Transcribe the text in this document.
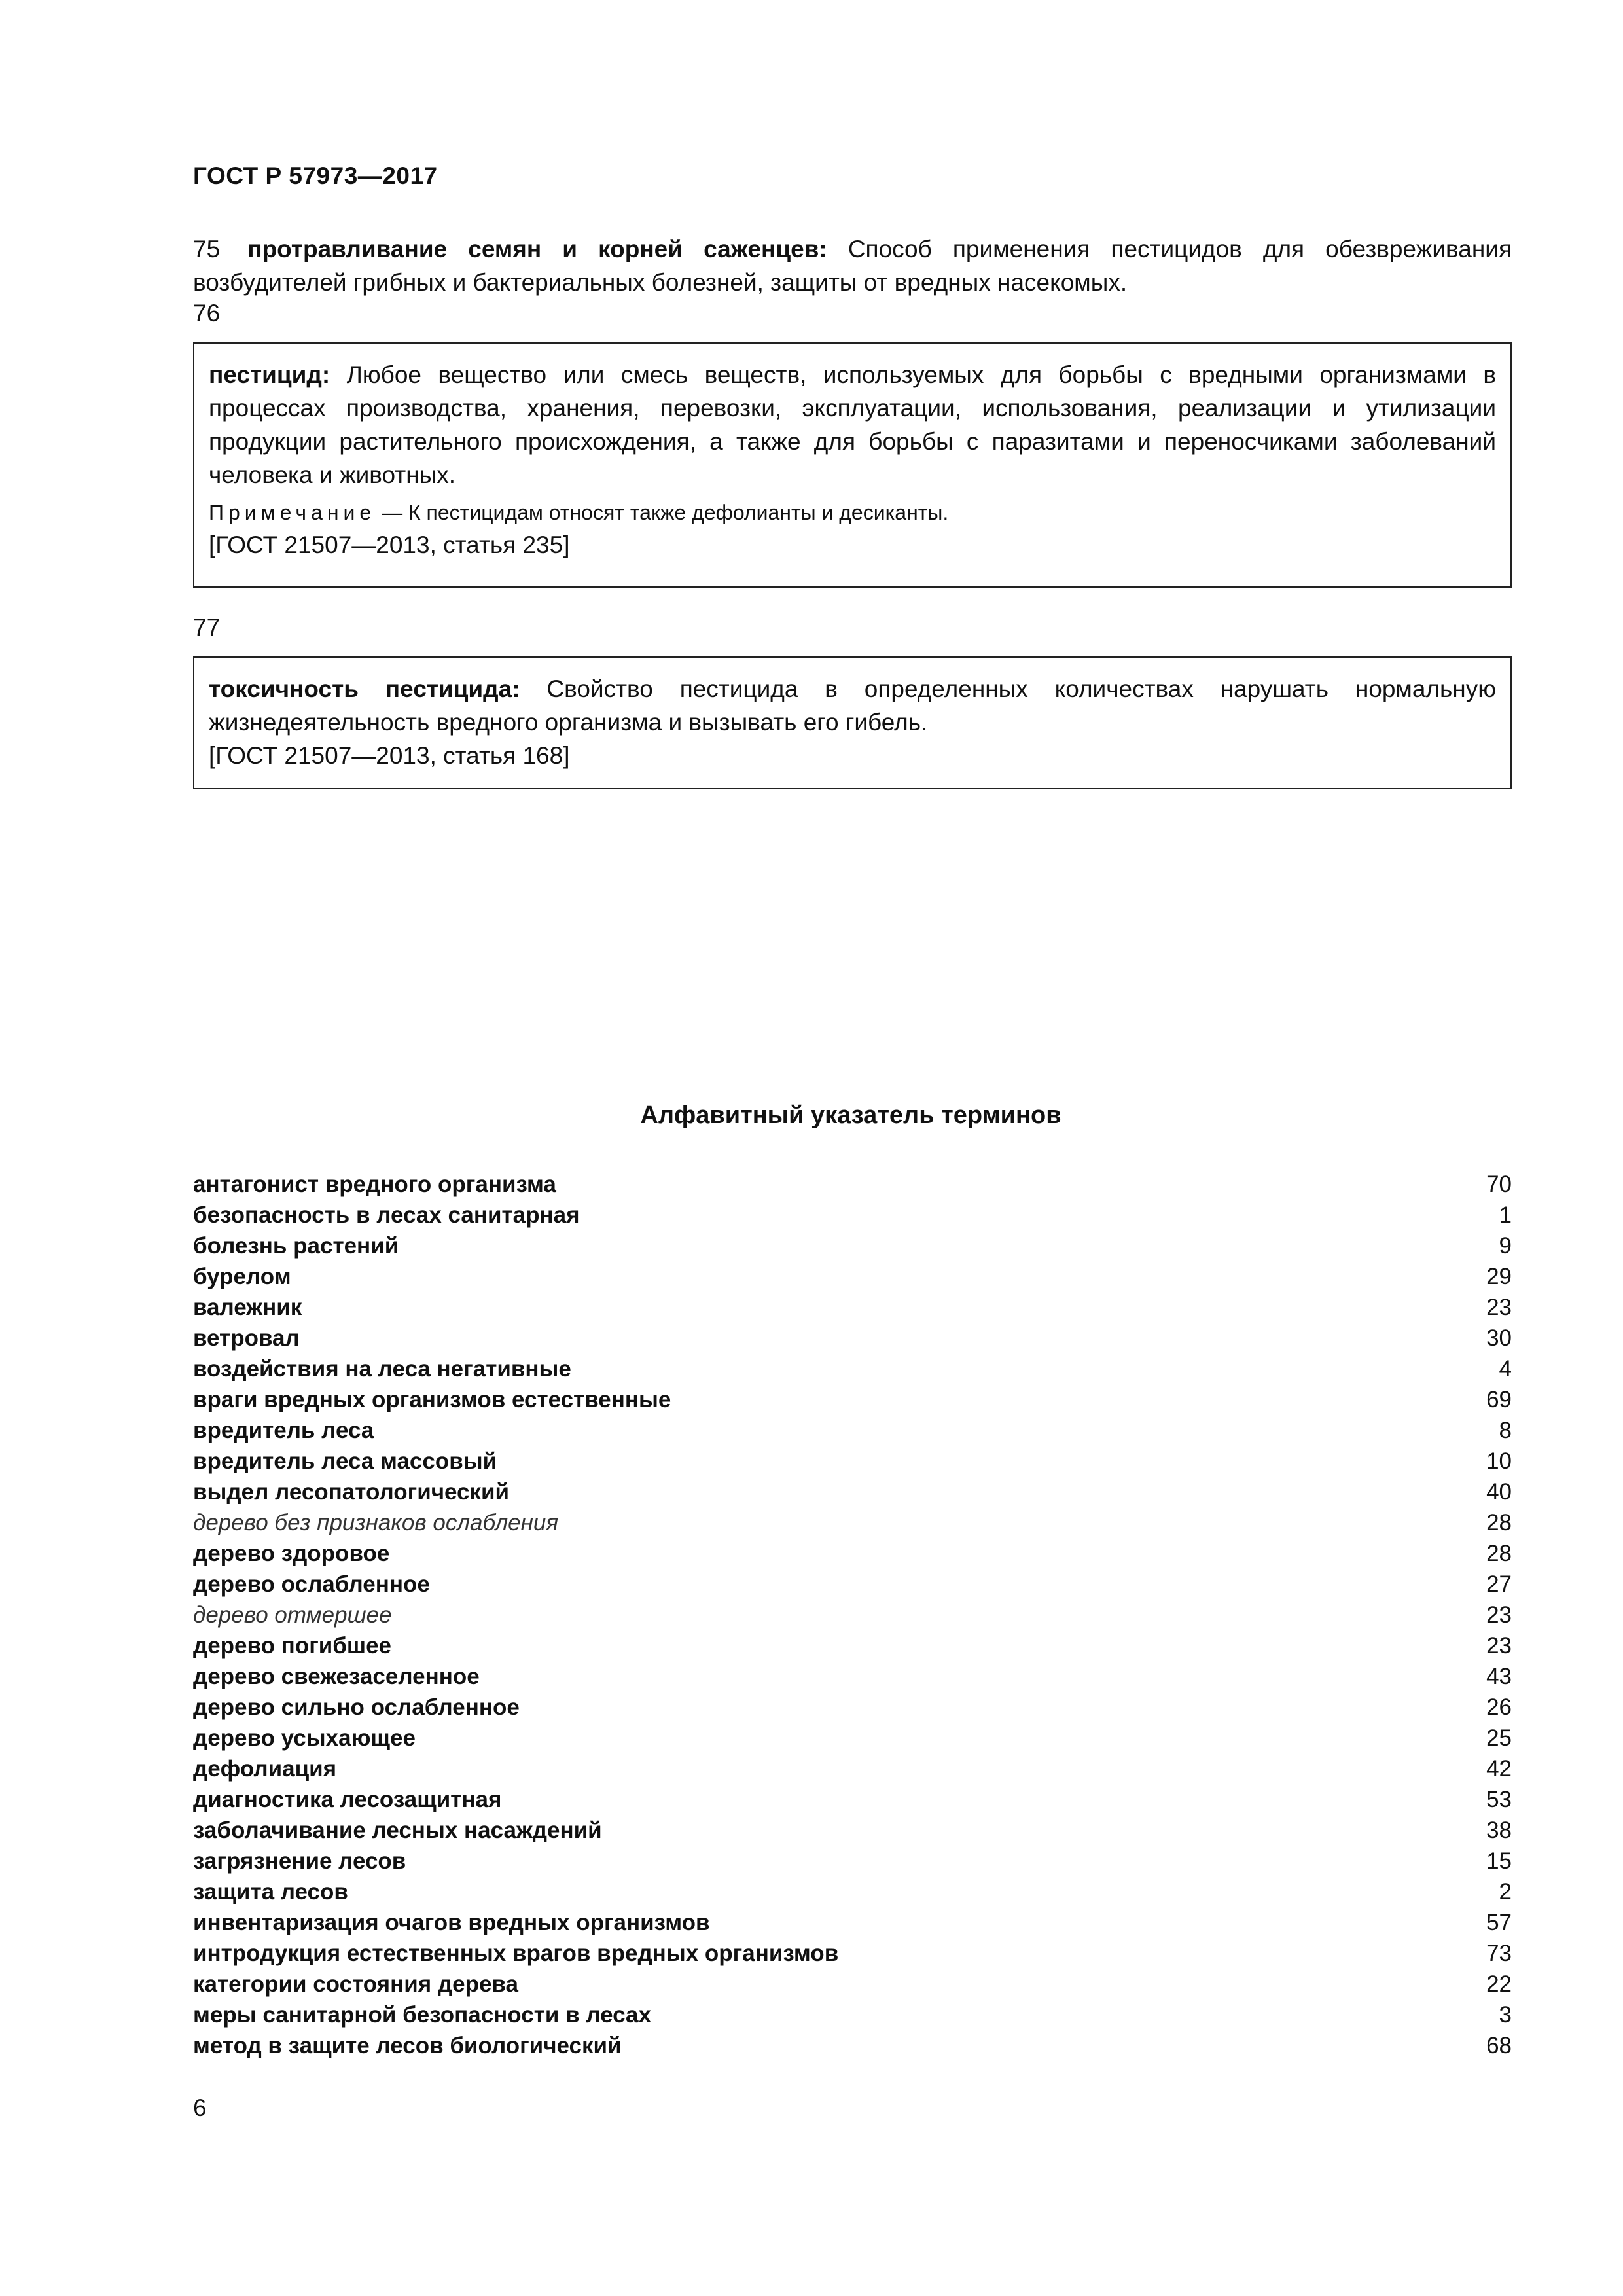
ГОСТ Р 57973—2017
75 протравливание семян и корней саженцев: Способ применения пестицидов для обезвреживания возбудителей грибных и бактериальных болезней, защиты от вредных насекомых.
76
пестицид: Любое вещество или смесь веществ, используемых для борьбы с вредными организмами в процессах производства, хранения, перевозки, эксплуатации, использования, реализации и утилизации продукции растительного происхождения, а также для борьбы с паразитами и переносчиками заболеваний человека и животных.
Примечание — К пестицидам относят также дефолианты и десиканты.
[ГОСТ 21507—2013, статья 235]
77
токсичность пестицида: Свойство пестицида в определенных количествах нарушать нормальную жизнедеятельность вредного организма и вызывать его гибель.
[ГОСТ 21507—2013, статья 168]
Алфавитный указатель терминов
антагонист вредного организма	70
безопасность в лесах санитарная	1
болезнь растений	9
бурелом	29
валежник	23
ветровал	30
воздействия на леса негативные	4
враги вредных организмов естественные	69
вредитель леса	8
вредитель леса массовый	10
выдел лесопатологический	40
дерево без признаков ослабления	28
дерево здоровое	28
дерево ослабленное	27
дерево отмершее	23
дерево погибшее	23
дерево свежезаселенное	43
дерево сильно ослабленное	26
дерево усыхающее	25
дефолиация	42
диагностика лесозащитная	53
заболачивание лесных насаждений	38
загрязнение лесов	15
защита лесов	2
инвентаризация очагов вредных организмов	57
интродукция естественных врагов вредных организмов	73
категории состояния дерева	22
меры санитарной безопасности в лесах	3
метод в защите лесов биологический	68
6
